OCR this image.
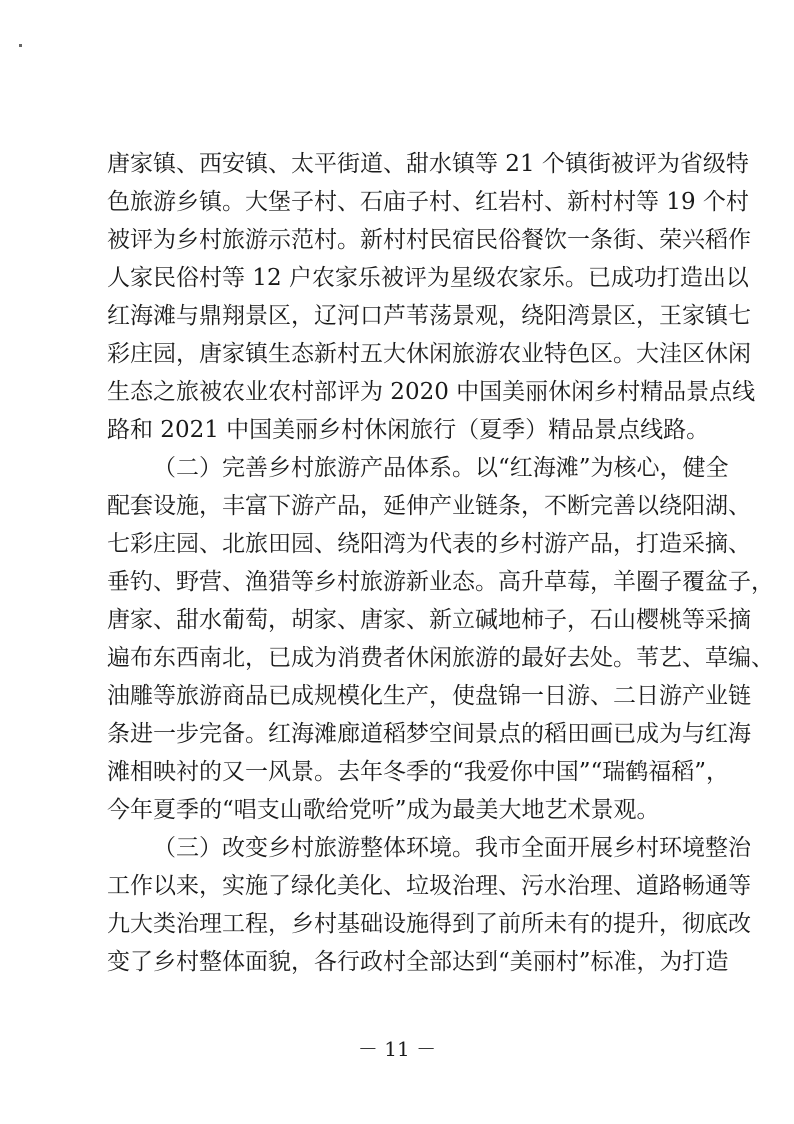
唐家镇、西安镇、太平街道、甜水镇等 21 个镇街被评为省级特
色旅游乡镇。大堡子村、石庙子村、红岩村、新村村等 19 个村
被评为乡村旅游示范村。新村村民宿民俗餐饮一条街、荣兴稻作
人家民俗村等 12 户农家乐被评为星级农家乐。已成功打造出以
红海滩与鼎翔景区，辽河口芦苇荡景观，绕阳湾景区，王家镇七
彩庄园，唐家镇生态新村五大休闲旅游农业特色区。大洼区休闲
生态之旅被农业农村部评为 2020 中国美丽休闲乡村精品景点线
路和 2021 中国美丽乡村休闲旅行（夏季）精品景点线路。
（二）完善乡村旅游产品体系。以“红海滩”为核心，健全
配套设施，丰富下游产品，延伸产业链条，不断完善以绕阳湖、
七彩庄园、北旅田园、绕阳湾为代表的乡村游产品，打造采摘、
垂钓、野营、渔猎等乡村旅游新业态。高升草莓，羊圈子覆盆子，
唐家、甜水葡萄，胡家、唐家、新立碱地柿子，石山樱桃等采摘
遍布东西南北，已成为消费者休闲旅游的最好去处。苇艺、草编、
油雕等旅游商品已成规模化生产，使盘锦一日游、二日游产业链
条进一步完备。红海滩廊道稻梦空间景点的稻田画已成为与红海
滩相映衬的又一风景。去年冬季的“我爱你中国”“瑞鹤福稻”，
今年夏季的“唱支山歌给党听”成为最美大地艺术景观。
（三）改变乡村旅游整体环境。我市全面开展乡村环境整治
工作以来，实施了绿化美化、垃圾治理、污水治理、道路畅通等
九大类治理工程，乡村基础设施得到了前所未有的提升，彻底改
变了乡村整体面貌，各行政村全部达到“美丽村”标准，为打造
－ 11 －
